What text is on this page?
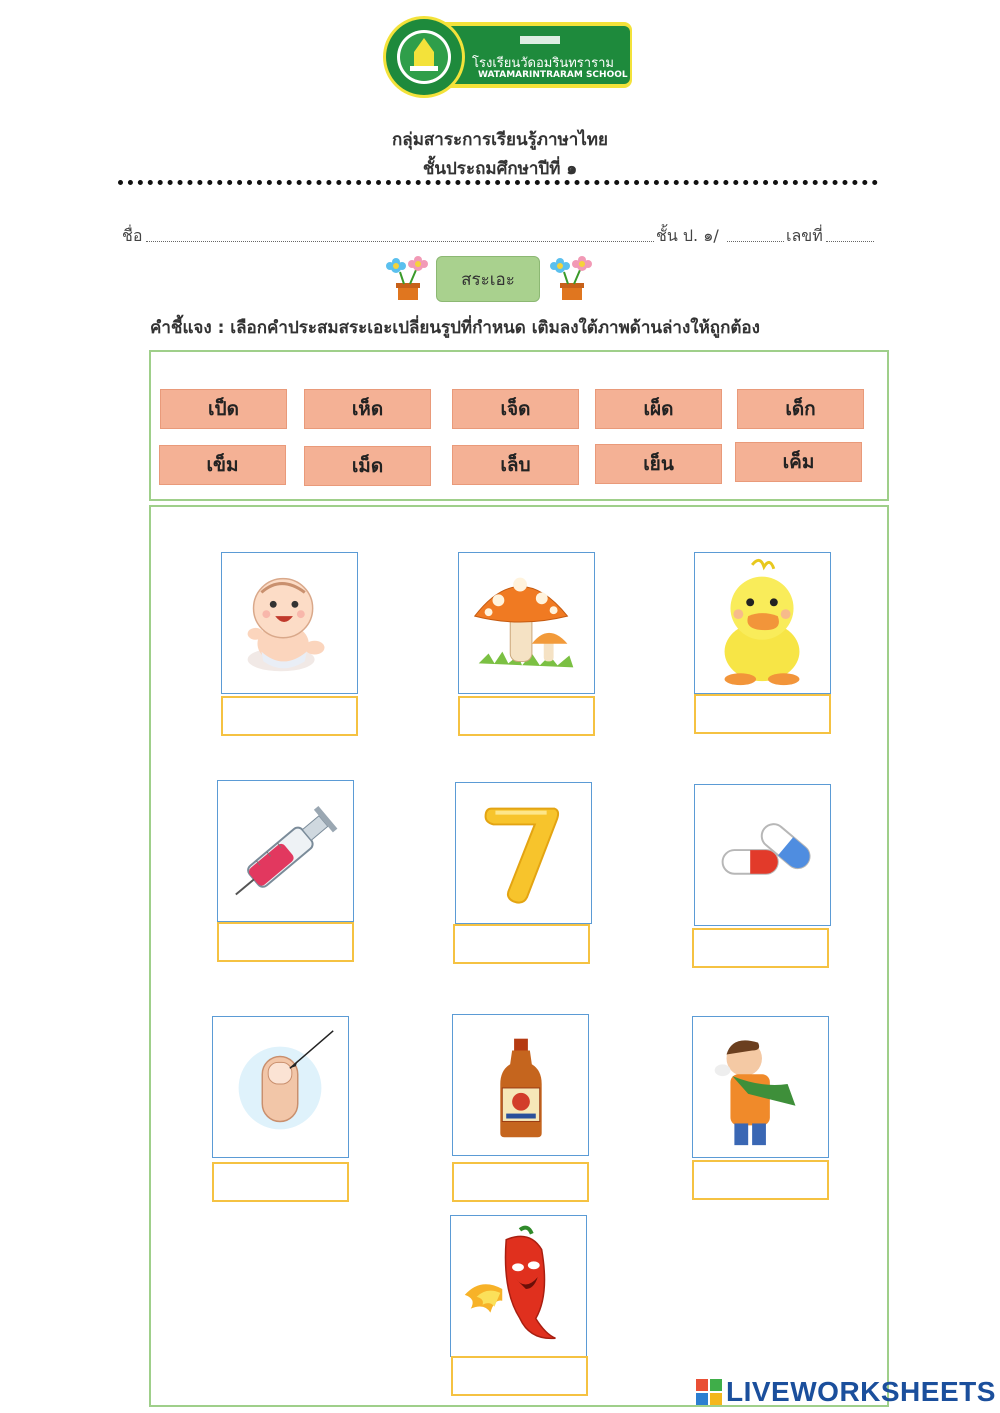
โรงเรียนวัดอมรินทราราม
WATAMARINTRARAM SCHOOL
กลุ่มสาระการเรียนรู้ภาษาไทย
ชั้นประถมศึกษาปีที่ ๑
ชื่อ	ชั้น ป. ๑/	เลขที่
สระเอะ
คำชี้แจง : เลือกคำประสมสระเอะเปลี่ยนรูปที่กำหนด เติมลงใต้ภาพด้านล่างให้ถูกต้อง
เป็ด	เห็ด	เจ็ด	เผ็ด	เด็ก
เข็ม	เม็ด	เล็บ	เย็น	เค็ม
LIVEWORKSHEETS
